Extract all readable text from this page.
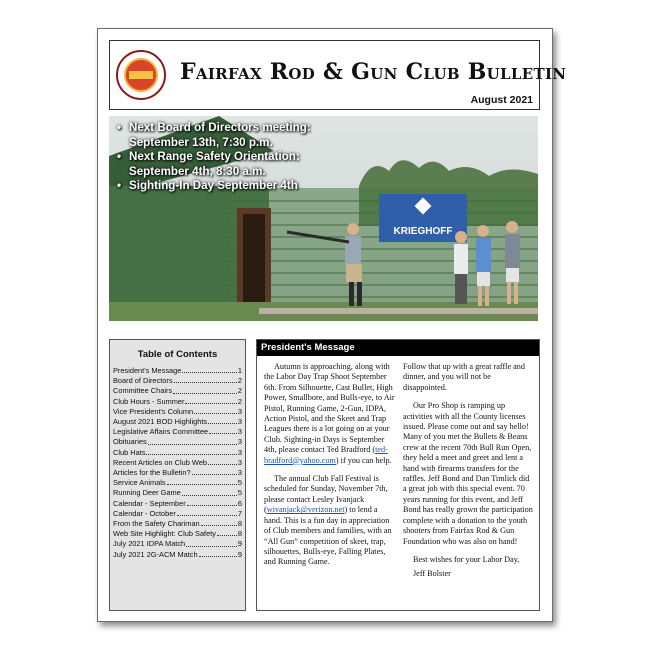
Fairfax Rod & Gun Club Bulletin
August 2021
KRIEGHOFF
• Next Board of Directors meeting: September 13th, 7:30 p.m.
• Next Range Safety Orientation: September 4th, 8:30 a.m.
• Sighting-In Day September 4th
Table of Contents
President's Message	1
Board of Directors	2
Committee Chairs	2
Club Hours - Summer	2
Vice President's Column	3
August 2021 BOD Highlights	3
Legislative Affairs Committee	3
Obituaries	3
Club Hats	3
Recent Articles on Club Web	3
Articles for the Bulletin?	3
Service Animals	5
Running Deer Game	5
Calendar - September	6
Calendar - October	7
From the Safety Chariman	8
Web Site Highlight: Club Safety	8
July 2021 IDPA Match	9
July 2021 2G-ACM Match	9
President's Message

Autumn is approaching, along with the Labor Day Trap Shoot September 6th. From Silhouette, Cast Bullet, High Power, Smallbore, and Bulls-eye, to Air Pistol, Running Game, 2-Gun, IDPA, Action Pistol, and the Skeet and Trap Leagues there is a lot going on at your Club. Sighting-in Days is September 4th, please contact Ted Bradford (ted-bradford@yahoo.com) if you can help.

The annual Club Fall Festival is scheduled for Sunday, November 7th, please contact Lesley Ivanjack (wivanjack@verizon.net) to lend a hand. This is a fun day in appreciation of Club members and families, with an “All Gun” competition of skeet, trap, silhouettes, Bulls-eye, Falling Plates, and Running Game.

Follow that up with a great raffle and dinner, and you will not be disappointed.

Our Pro Shop is ramping up activities with all the County licenses issued. Please come out and say hello! Many of you met the Bullets & Beans crew at the recent 70th Bull Run Open, they held a meet and greet and lent a hand with firearms transfers for the raffles. Jeff Bond and Dan Timlick did a great job with this special event. 70 years running for this event, and Jeff Bond has really grown the participation complete with a donation to the youth shooters from Fairfax Rod & Gun Foundation who was also on hand!

Best wishes for your Labor Day,

Jeff Bolster
